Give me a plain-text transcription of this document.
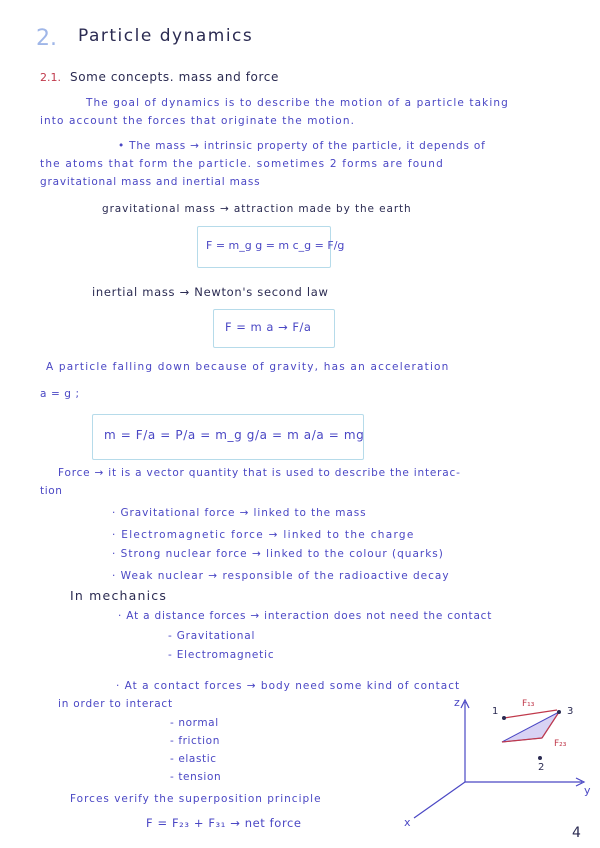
2. Particle dynamics
2.1. Some concepts. mass and force
The goal of dynamics is to describe the motion of a particle taking
into account the forces that originate the motion.
• The mass → intrinsic property of the particle, it depends of
the atoms that form the particle. sometimes 2 forms are found
gravitational mass and inertial mass
gravitational mass → attraction made by the earth
F = m_g g = m c_g = F/g
inertial mass → Newton's second law
F = m a → F/a
A particle falling down because of gravity, has an acceleration
a = g ;
m = F/a = P/a = m_g g/a = m a/a = mg
Force → it is a vector quantity that is used to describe the interac-
tion
· Gravitational force → linked to the mass
· Electromagnetic force → linked to the charge
· Strong nuclear force → linked to the colour (quarks)
· Weak nuclear → responsible of the radioactive decay
In mechanics
· At a distance forces → interaction does not need the contact
- Gravitational
- Electromagnetic
· At a contact forces → body need some kind of contact
in order to interact
- normal
- friction
- elastic
- tension
Forces verify the superposition principle
F = F₂₃ + F₃₁ → net force
z
y
x
1	3
2
F₁₃
F₂₃
4
